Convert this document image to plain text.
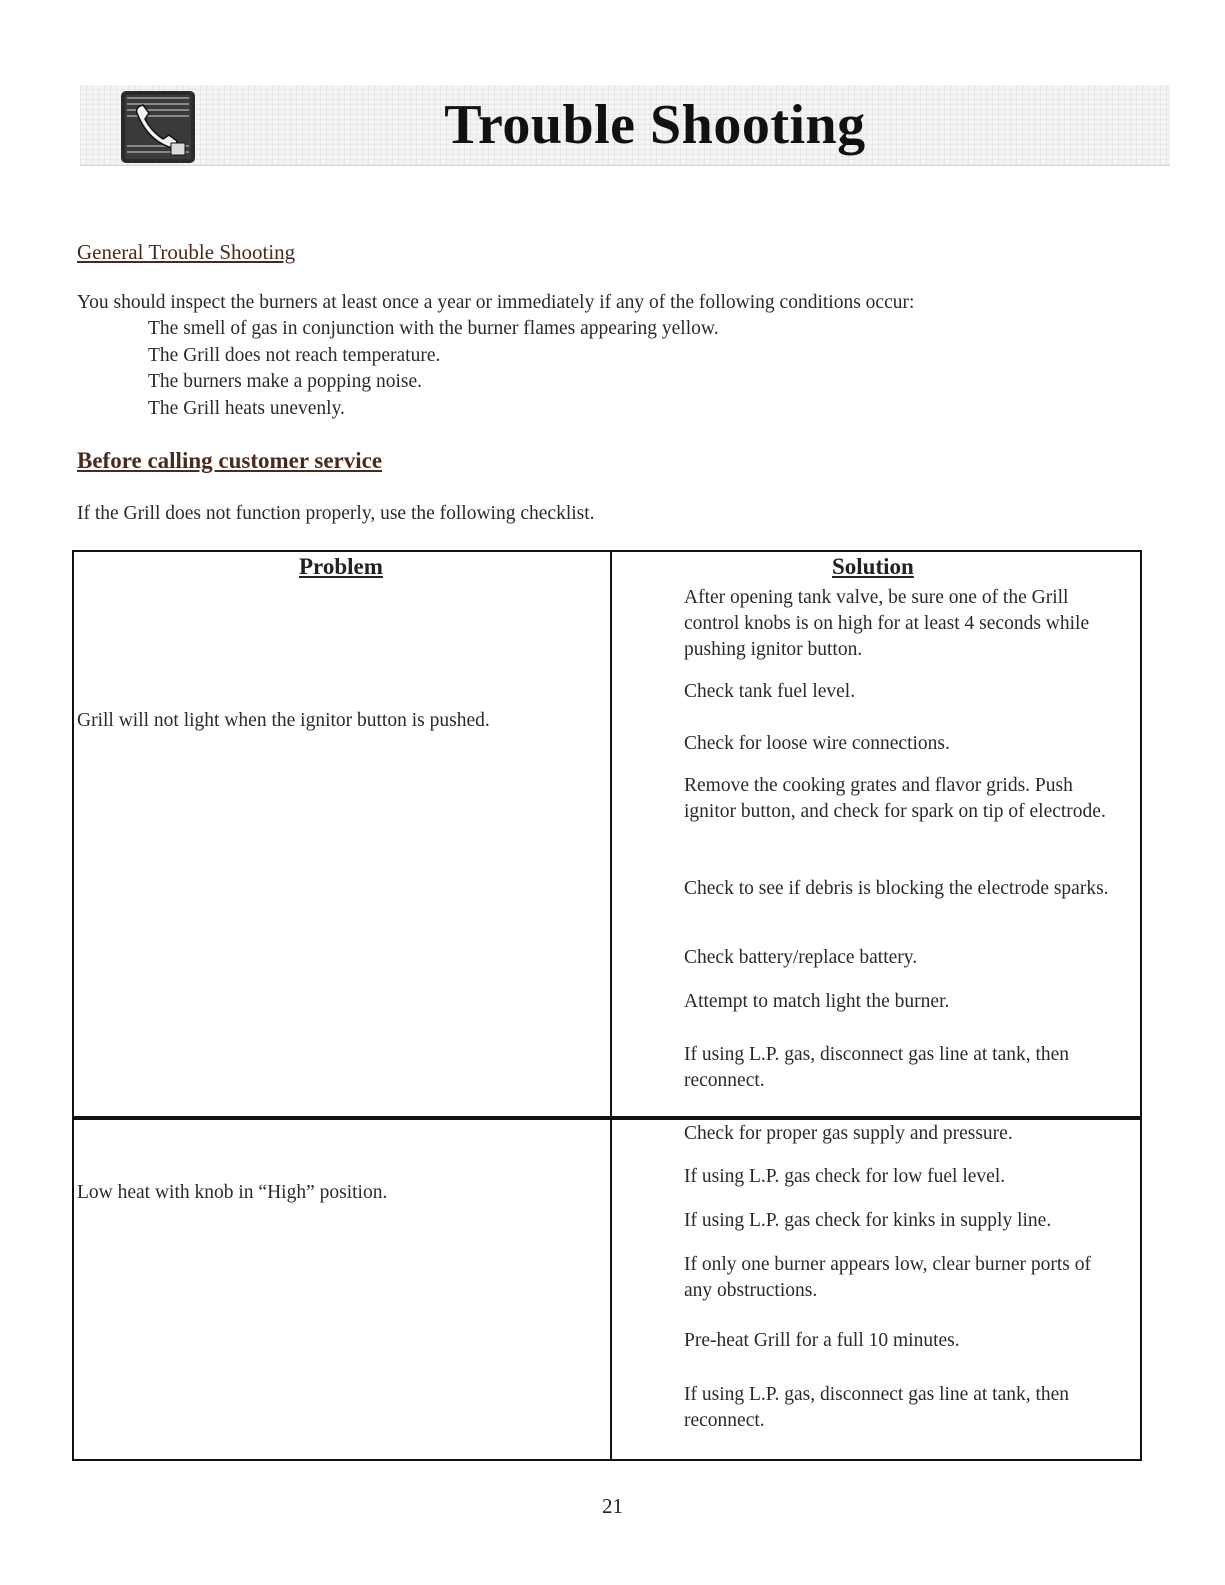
Trouble Shooting
General Trouble Shooting
You should inspect the burners at least once a year or immediately if any of the following conditions occur:
The smell of gas in conjunction with the burner flames appearing yellow.
The Grill does not reach temperature.
The burners make a popping noise.
The Grill heats unevenly.
Before calling customer service
If the Grill does not function properly, use the following checklist.
Problem	Solution
Grill will not light when the ignitor button is pushed.
After opening tank valve, be sure one of the Grill control knobs is on high for at least 4 seconds while pushing ignitor button.
Check tank fuel level.
Check for loose wire connections.
Remove the cooking grates and flavor grids. Push ignitor button, and check for spark on tip of electrode.
Check to see if debris is blocking the electrode sparks.
Check battery/replace battery.
Attempt to match light the burner.
If using L.P. gas, disconnect gas line at tank, then reconnect.
Low heat with knob in “High” position.
Check for proper gas supply and pressure.
If using L.P. gas check for low fuel level.
If using L.P. gas check for kinks in supply line.
If only one burner appears low, clear burner ports of any obstructions.
Pre-heat Grill for a full 10 minutes.
If using L.P. gas, disconnect gas line at tank, then reconnect.
21
